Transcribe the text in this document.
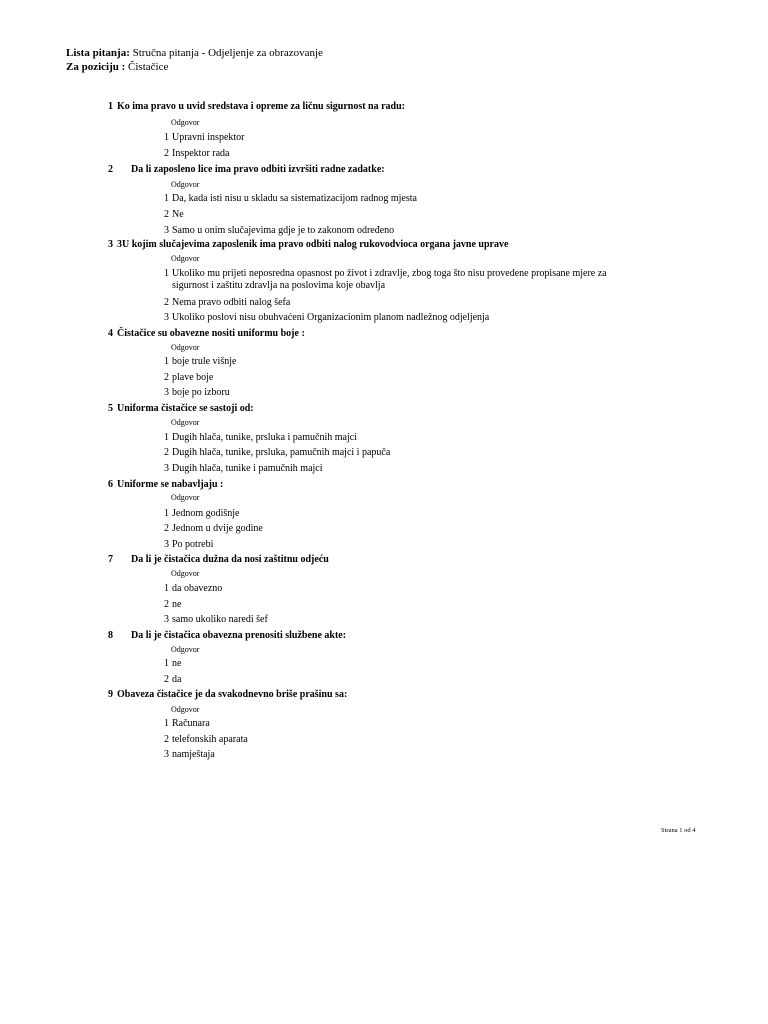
Lista pitanja: Stručna pitanja - Odjeljenje za obrazovanje
Za poziciju : Čistačice
1 Ko ima pravo u uvid sredstava i opreme za ličnu sigurnost na radu:
Odgovor
1 Upravni inspektor
2 Inspektor rada
2 Da li zaposleno lice ima pravo odbiti izvršiti radne zadatke:
Odgovor
1 Da, kada isti nisu u skladu sa sistematizacijom radnog mjesta
2 Ne
3 Samo u onim slučajevima gdje je to zakonom određeno
3 3U kojim slučajevima zaposlenik ima pravo odbiti nalog rukovodvioca organa javne uprave
Odgovor
1 Ukoliko mu prijeti neposredna opasnost po život i zdravlje, zbog toga što nisu provedene propisane mjere za sigurnost i zaštitu zdravlja na poslovima koje obavlja
2 Nema pravo odbiti nalog šefa
3 Ukoliko poslovi nisu obuhvaćeni Organizacionim planom nadležnog odjeljenja
4 Čistačice su obavezne nositi uniformu boje :
Odgovor
1 boje trule višnje
2 plave boje
3 boje po izboru
5 Uniforma čistačice se sastoji od:
Odgovor
1 Dugih hlača, tunike, prsluka i pamučnih majci
2 Dugih hlača, tunike, prsluka, pamučnih majci i papuča
3 Dugih hlača, tunike i pamučnih majci
6 Uniforme se nabavljaju :
Odgovor
1 Jednom godišnje
2 Jednom u dvije godine
3 Po potrebi
7 Da li je čistačica dužna da nosi zaštitnu odjeću
Odgovor
1 da obavezno
2 ne
3 samo ukoliko naredi šef
8 Da li je čistačica obavezna prenositi službene akte:
Odgovor
1 ne
2 da
9 Obaveza čistačice je da svakodnevno briše prašinu sa:
Odgovor
1 Računara
2 telefonskih aparata
3 namještaja
Strana 1 od 4
